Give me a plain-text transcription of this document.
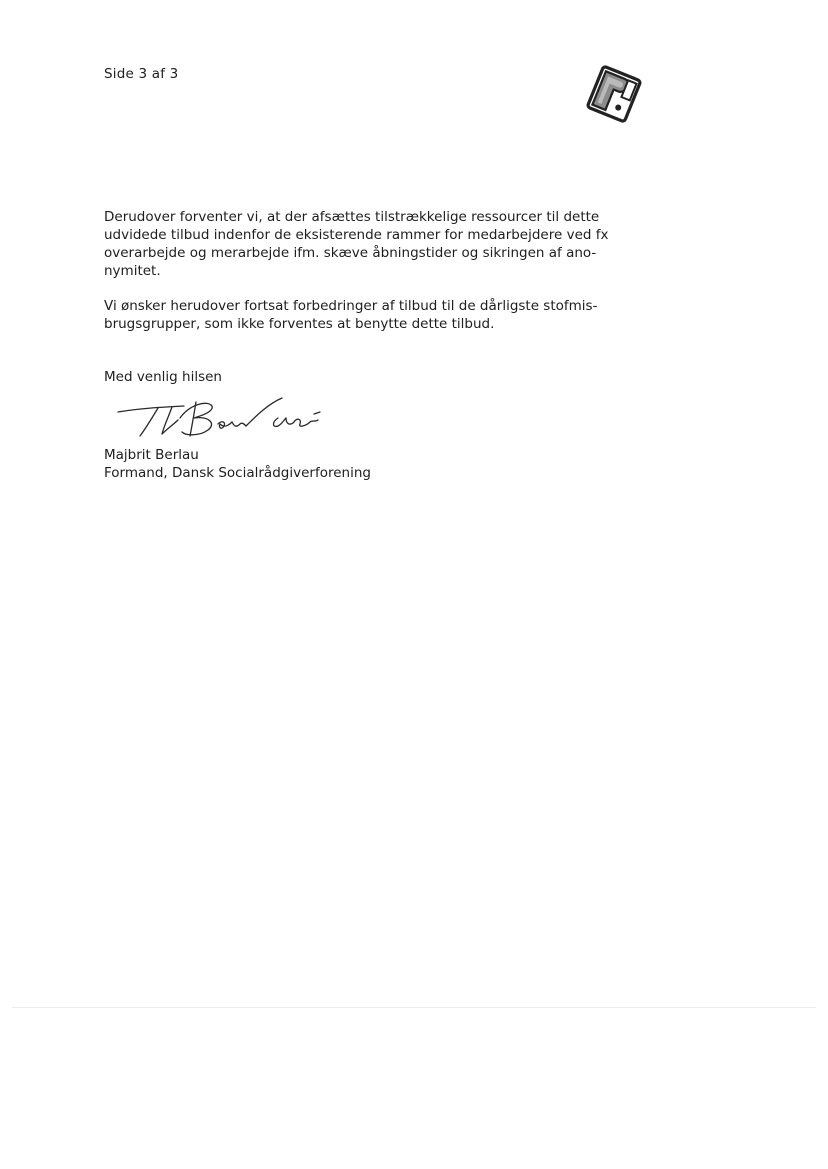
Side 3 af 3

Derudover forventer vi, at der afsættes tilstrækkelige ressourcer til dette
udvidede tilbud indenfor de eksisterende rammer for medarbejdere ved fx
overarbejde og merarbejde ifm. skæve åbningstider og sikringen af ano-
nymitet.

Vi ønsker herudover fortsat forbedringer af tilbud til de dårligste stofmis-
brugsgrupper, som ikke forventes at benytte dette tilbud.

Med venlig hilsen

Majbrit Berlau
Formand, Dansk Socialrådgiverforening
